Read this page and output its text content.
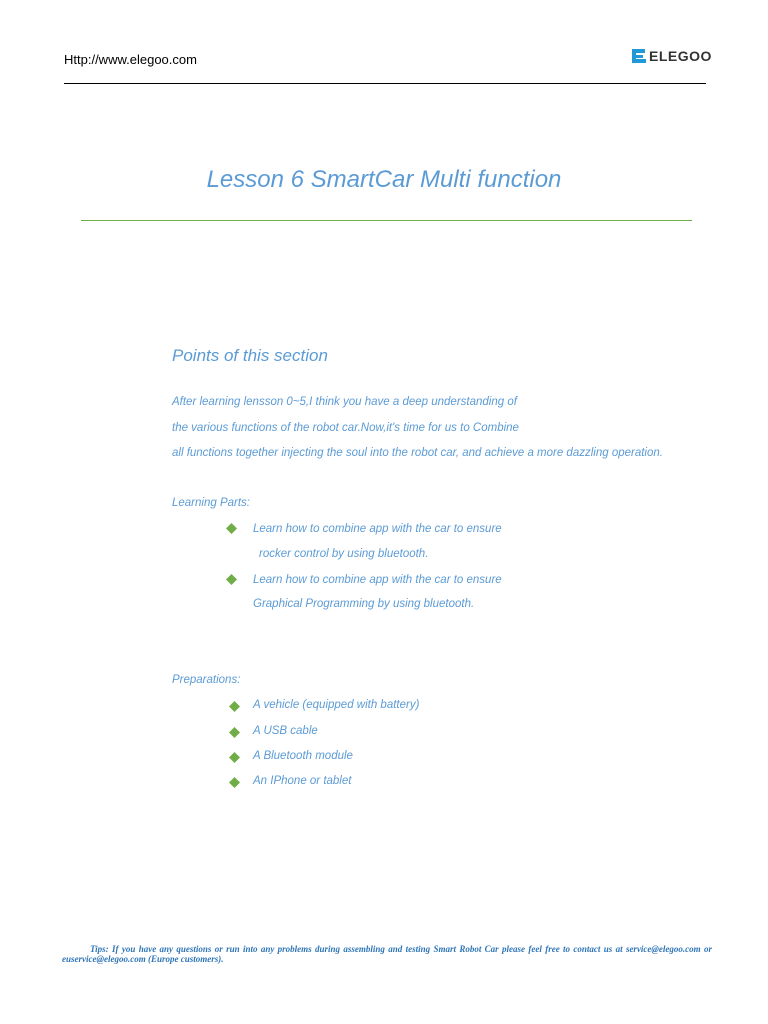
Http://www.elegoo.com	ELEGOO
Lesson 6 SmartCar Multi function
Points of this section
After learning lensson 0~5,I think you have a deep understanding of
the various functions of the robot car.Now,it's time for us to Combine
all functions together injecting the soul into the robot car, and achieve a more dazzling operation.
Learning Parts:
Learn how to combine app with the car to ensure
rocker control by using bluetooth.
Learn how to combine app with the car to ensure
Graphical Programming by using bluetooth.
Preparations:
A vehicle (equipped with battery)
A USB cable
A Bluetooth module
An IPhone or tablet
Tips: If you have any questions or run into any problems during assembling and testing Smart Robot Car please feel free to contact us at service@elegoo.com or euservice@elegoo.com (Europe customers).
